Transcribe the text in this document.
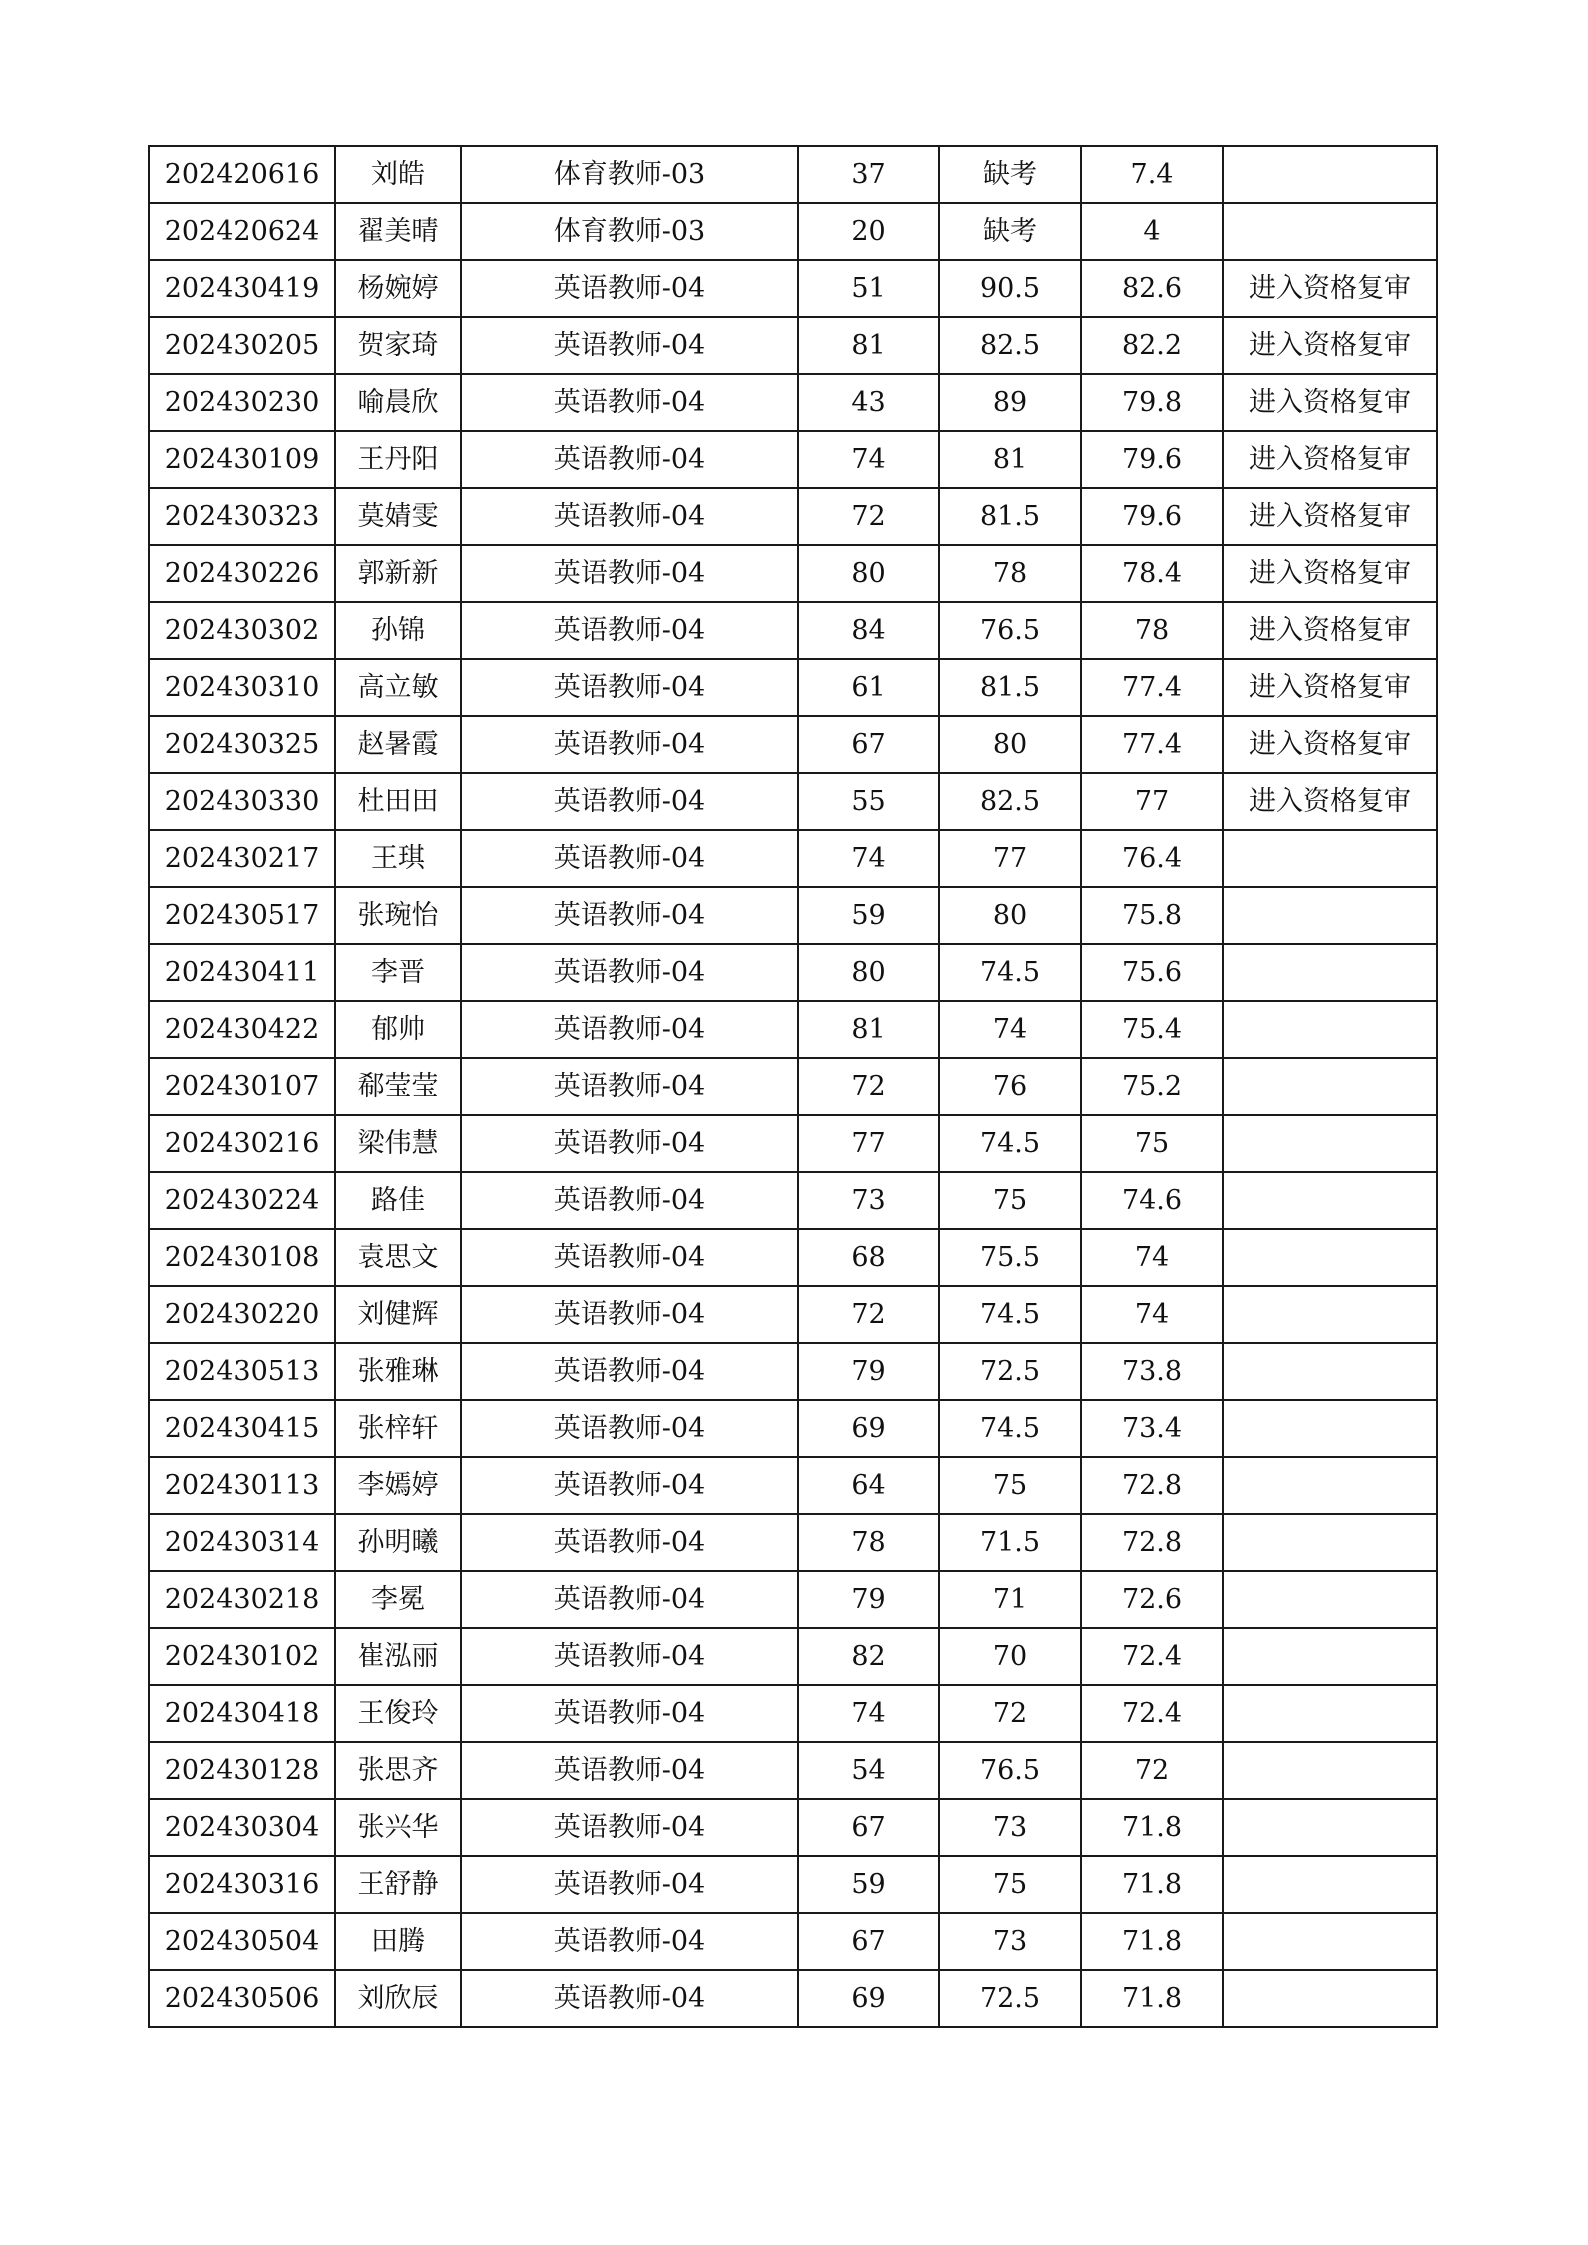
202420616	刘皓	体育教师-03	37	缺考	7.4	
202420624	翟美晴	体育教师-03	20	缺考	4	
202430419	杨婉婷	英语教师-04	51	90.5	82.6	进入资格复审
202430205	贺家琦	英语教师-04	81	82.5	82.2	进入资格复审
202430230	喻晨欣	英语教师-04	43	89	79.8	进入资格复审
202430109	王丹阳	英语教师-04	74	81	79.6	进入资格复审
202430323	莫婧雯	英语教师-04	72	81.5	79.6	进入资格复审
202430226	郭新新	英语教师-04	80	78	78.4	进入资格复审
202430302	孙锦	英语教师-04	84	76.5	78	进入资格复审
202430310	高立敏	英语教师-04	61	81.5	77.4	进入资格复审
202430325	赵暑霞	英语教师-04	67	80	77.4	进入资格复审
202430330	杜田田	英语教师-04	55	82.5	77	进入资格复审
202430217	王琪	英语教师-04	74	77	76.4	
202430517	张琬怡	英语教师-04	59	80	75.8	
202430411	李晋	英语教师-04	80	74.5	75.6	
202430422	郁帅	英语教师-04	81	74	75.4	
202430107	郗莹莹	英语教师-04	72	76	75.2	
202430216	梁伟慧	英语教师-04	77	74.5	75	
202430224	路佳	英语教师-04	73	75	74.6	
202430108	袁思文	英语教师-04	68	75.5	74	
202430220	刘健辉	英语教师-04	72	74.5	74	
202430513	张雅琳	英语教师-04	79	72.5	73.8	
202430415	张梓轩	英语教师-04	69	74.5	73.4	
202430113	李嫣婷	英语教师-04	64	75	72.8	
202430314	孙明曦	英语教师-04	78	71.5	72.8	
202430218	李冕	英语教师-04	79	71	72.6	
202430102	崔泓丽	英语教师-04	82	70	72.4	
202430418	王俊玲	英语教师-04	74	72	72.4	
202430128	张思齐	英语教师-04	54	76.5	72	
202430304	张兴华	英语教师-04	67	73	71.8	
202430316	王舒静	英语教师-04	59	75	71.8	
202430504	田腾	英语教师-04	67	73	71.8	
202430506	刘欣辰	英语教师-04	69	72.5	71.8	
